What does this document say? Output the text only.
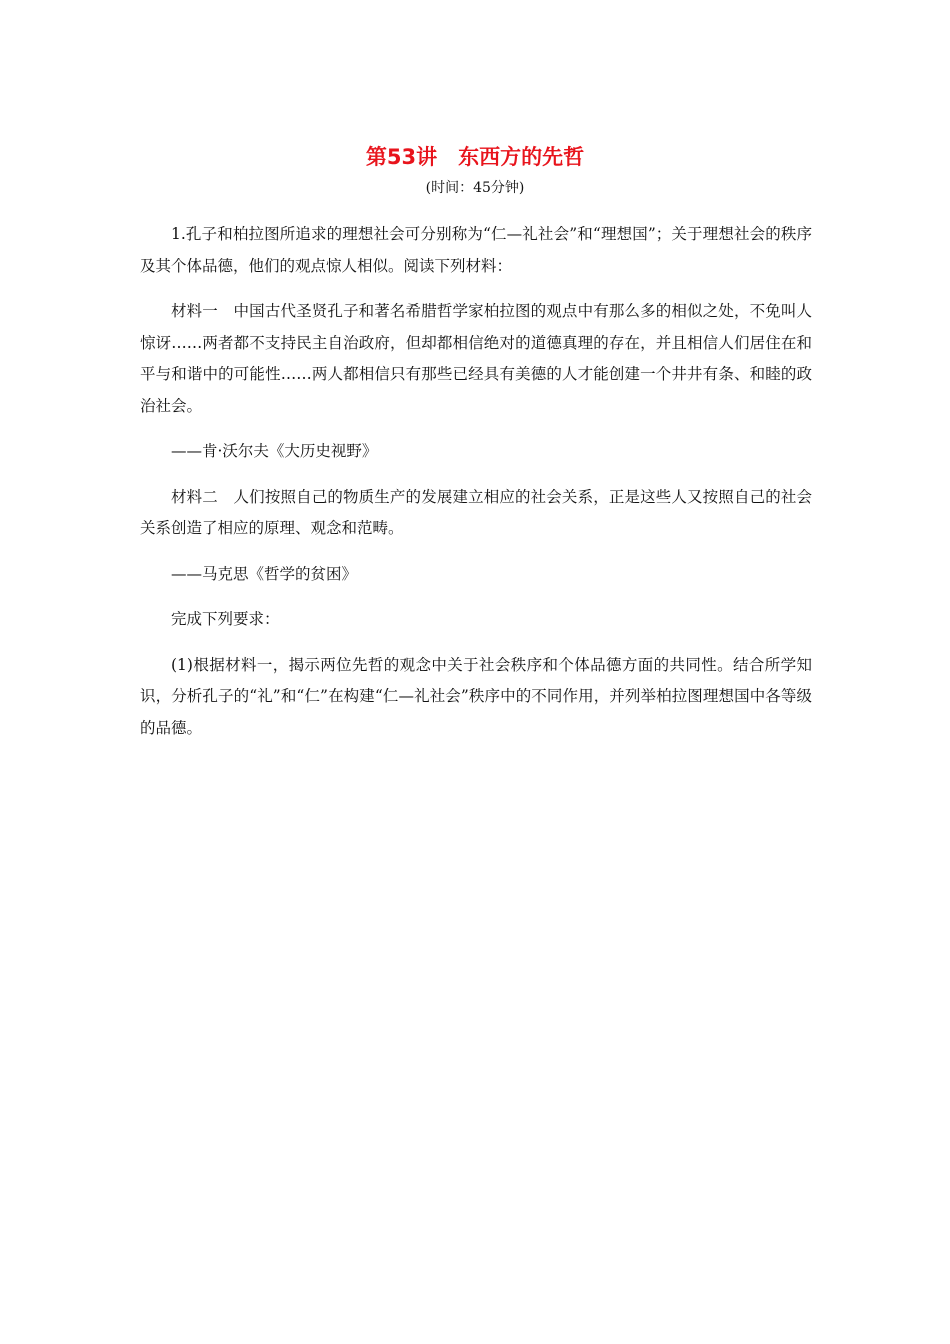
第53讲　东西方的先哲

(时间：45分钟)

1.孔子和柏拉图所追求的理想社会可分别称为“仁—礼社会”和“理想国”；关于理想社会的秩序及其个体品德，他们的观点惊人相似。阅读下列材料：

材料一　中国古代圣贤孔子和著名希腊哲学家柏拉图的观点中有那么多的相似之处，不免叫人惊讶……两者都不支持民主自治政府，但却都相信绝对的道德真理的存在，并且相信人们居住在和平与和谐中的可能性……两人都相信只有那些已经具有美德的人才能创建一个井井有条、和睦的政治社会。

——肯·沃尔夫《大历史视野》

材料二　人们按照自己的物质生产的发展建立相应的社会关系，正是这些人又按照自己的社会关系创造了相应的原理、观念和范畴。

——马克思《哲学的贫困》

完成下列要求：

(1)根据材料一，揭示两位先哲的观念中关于社会秩序和个体品德方面的共同性。结合所学知识，分析孔子的“礼”和“仁”在构建“仁—礼社会”秩序中的不同作用，并列举柏拉图理想国中各等级的品德。
